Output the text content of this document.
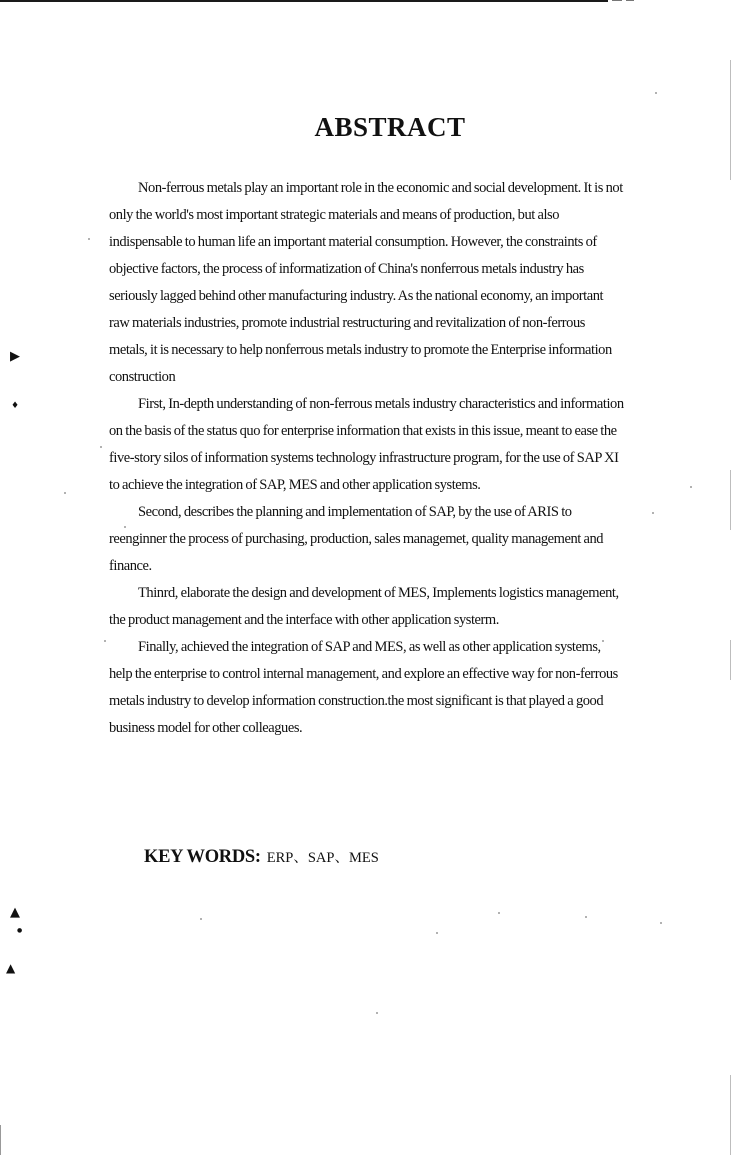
▶
♦
▲
●
▲
ABSTRACT

Non-ferrous metals play an important role in the economic and social development. It is not only the world's most important strategic materials and means of production, but also indispensable to human life an important material consumption. However, the constraints of objective factors, the process of informatization of China's nonferrous metals industry has seriously lagged behind other manufacturing industry. As the national economy, an important raw materials industries, promote industrial restructuring and revitalization of non-ferrous metals, it is necessary to help nonferrous metals industry to promote the Enterprise information construction

First, In-depth understanding of non-ferrous metals industry characteristics and information on the basis of the status quo for enterprise information that exists in this issue, meant to ease the five-story silos of information systems technology infrastructure program, for the use of SAP XI to achieve the integration of SAP, MES and other application systems.

Second, describes the planning and implementation of SAP, by the use of ARIS to reenginner the process of purchasing, production, sales managemet, quality management and finance.

Thinrd, elaborate the design and development of MES, Implements logistics management, the product management and the interface with other application systerm.

Finally, achieved the integration of SAP and MES, as well as other application systems, help the enterprise to control internal management, and explore an effective way for non-ferrous metals industry to develop information construction.the most significant is that played a good business model for other colleagues.

KEY WORDS: ERP、SAP、MES
